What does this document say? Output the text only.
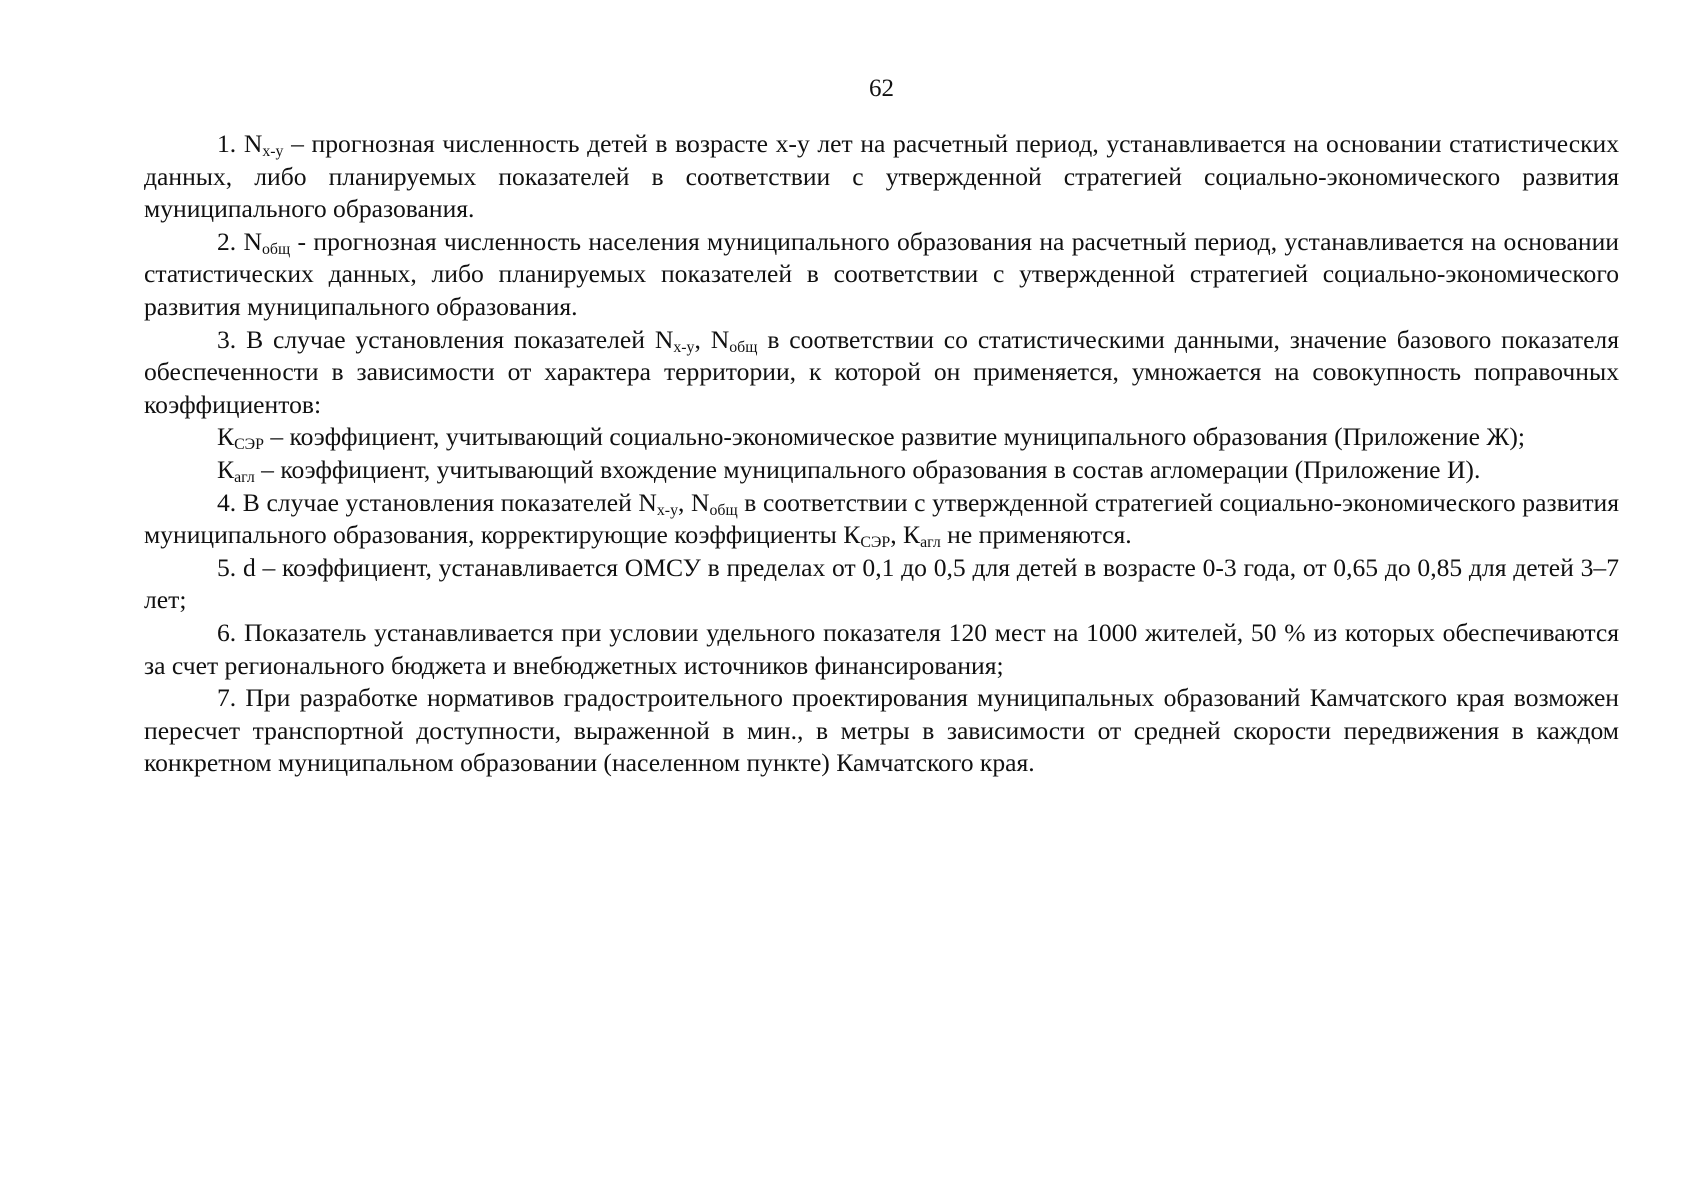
62

1. $N_{x-y}$ – прогнозная численность детей в возрасте x-y лет на расчетный период, устанавливается на основании статистических данных, либо планируемых показателей в соответствии с утвержденной стратегией социально-экономического развития муниципального образования.

2. $N_{общ}$ - прогнозная численность населения муниципального образования на расчетный период, устанавливается на основании статистических данных, либо планируемых показателей в соответствии с утвержденной стратегией социально-экономического развития муниципального образования.

3. В случае установления показателей $N_{x-y}$, $N_{общ}$ в соответствии со статистическими данными, значение базового показателя обеспеченности в зависимости от характера территории, к которой он применяется, умножается на совокупность поправочных коэффициентов:

$К_{СЭР}$ – коэффициент, учитывающий социально-экономическое развитие муниципального образования (Приложение Ж);

$К_{агл}$ – коэффициент, учитывающий вхождение муниципального образования в состав агломерации (Приложение И).

4. В случае установления показателей $N_{x-y}$, $N_{общ}$ в соответствии с утвержденной стратегией социально-экономического развития муниципального образования, корректирующие коэффициенты $К_{СЭР}$, $К_{агл}$ не применяются.

5. d – коэффициент, устанавливается ОМСУ в пределах от 0,1 до 0,5 для детей в возрасте 0-3 года, от 0,65 до 0,85 для детей 3–7 лет;

6. Показатель устанавливается при условии удельного показателя 120 мест на 1000 жителей, 50 % из которых обеспечиваются за счет регионального бюджета и внебюджетных источников финансирования;

7. При разработке нормативов градостроительного проектирования муниципальных образований Камчатского края возможен пересчет транспортной доступности, выраженной в мин., в метры в зависимости от средней скорости передвижения в каждом конкретном муниципальном образовании (населенном пункте) Камчатского края.
